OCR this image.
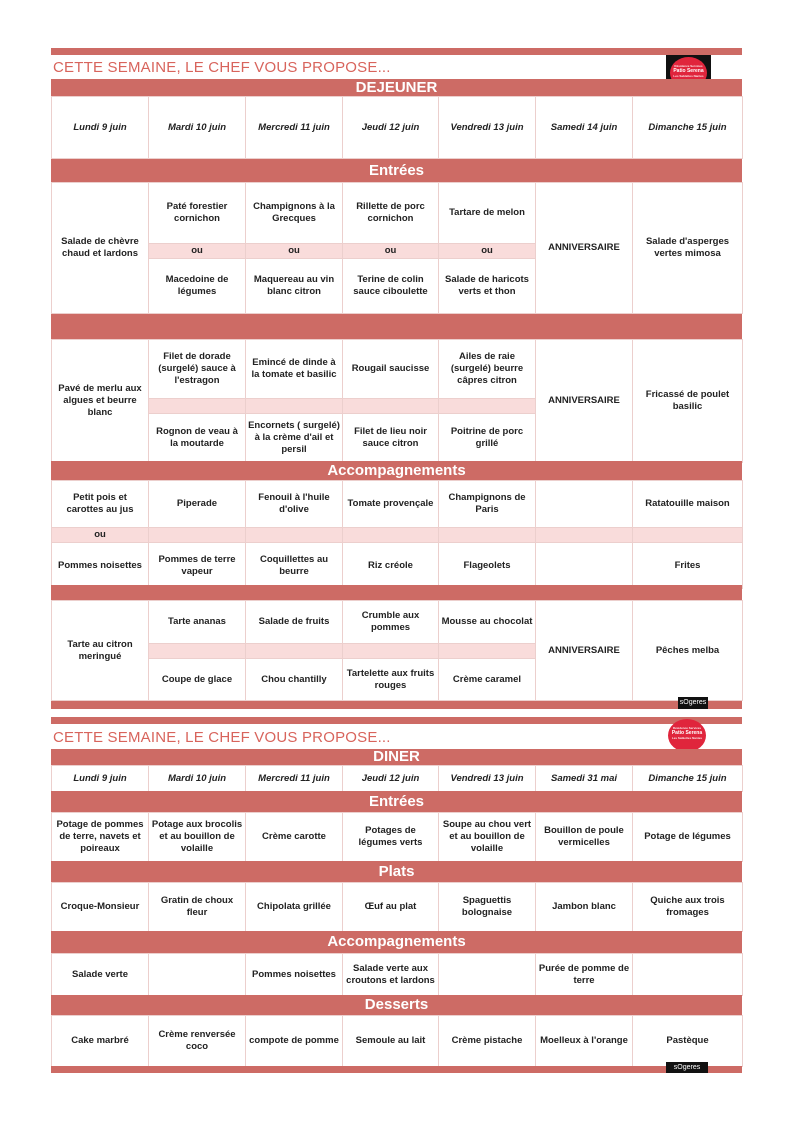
CETTE SEMAINE, LE CHEF VOUS PROPOSE...	Résidence Services
Patio Serena
Les Sablettes Nantes
DEJEUNER
Lundi 9 juin	Mardi 10 juin	Mercredi 11 juin	Jeudi 12 juin	Vendredi 13 juin	Samedi 14 juin	Dimanche 15 juin
Entrées
Salade de chèvre chaud et lardons	Paté forestier cornichon	Champignons à la Grecques	Rillette de porc cornichon	Tartare de melon	ANNIVERSAIRE	Salade d'asperges vertes mimosa
	ou	ou	ou	ou		
	Macedoine de légumes	Maquereau au vin blanc citron	Terine de colin sauce ciboulette	Salade de haricots verts et thon		
Pavé de merlu aux algues et beurre blanc	Filet de dorade (surgelé) sauce à l'estragon	Emincé de dinde à la tomate et basilic	Rougail saucisse	Ailes de raie (surgelé) beurre câpres citron	ANNIVERSAIRE	Fricassé de poulet basilic

	Rognon de veau à la moutarde	Encornets ( surgelé) à la crème d'ail et persil	Filet de lieu noir sauce citron	Poitrine de porc grillé		
Accompagnements
Petit pois et carottes au jus	Piperade	Fenouil à l'huile d'olive	Tomate provençale	Champignons de Paris		Ratatouille maison
ou						
Pommes noisettes	Pommes de terre vapeur	Coquillettes au beurre	Riz créole	Flageolets		Frites
Tarte au citron meringué	Tarte ananas	Salade de fruits	Crumble aux pommes	Mousse au chocolat	ANNIVERSAIRE	Pêches melba

	Coupe de glace	Chou chantilly	Tartelette aux fruits rouges	Crème caramel		
sOgeres
CETTE SEMAINE, LE CHEF VOUS PROPOSE...
Résidence Services
Patio Serena
Les Sablettes Nantes
DINER
Lundi 9 juin	Mardi 10 juin	Mercredi 11 juin	Jeudi 12 juin	Vendredi 13 juin	Samedi 31 mai	Dimanche 15 juin
Entrées
Potage de pommes de terre, navets et poireaux	Potage aux brocolis et au bouillon de volaille	Crème carotte	Potages de légumes verts	Soupe au chou vert et au bouillon de volaille	Bouillon de poule vermicelles	Potage de légumes
Plats
Croque-Monsieur	Gratin de choux fleur	Chipolata grillée	Œuf au plat	Spaguettis bolognaise	Jambon blanc	Quiche aux trois fromages
Accompagnements
Salade verte		Pommes noisettes	Salade verte aux croutons et lardons		Purée de pomme de terre	
Desserts
Cake marbré	Crème renversée coco	compote de pomme	Semoule au lait	Crème pistache	Moelleux à l'orange	Pastèque
sOgeres
